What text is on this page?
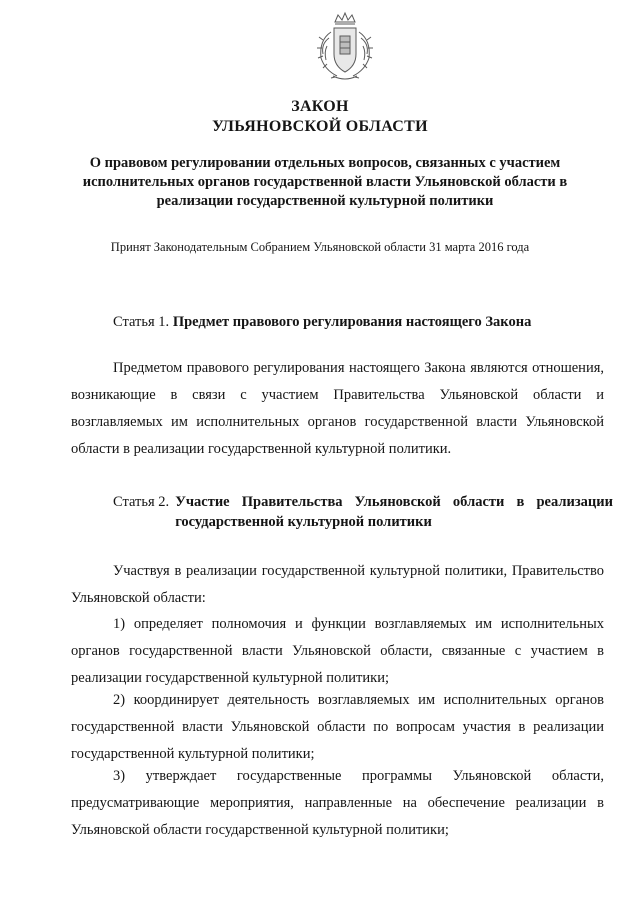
ЗАКОН
УЛЬЯНОВСКОЙ ОБЛАСТИ
О правовом регулировании отдельных вопросов, связанных с участием исполнительных органов государственной власти Ульяновской области в реализации государственной культурной политики
Принят Законодательным Собранием Ульяновской области 31 марта 2016 года
Статья 1. Предмет правового регулирования настоящего Закона

Предметом правового регулирования настоящего Закона являются отношения, возникающие в связи с участием Правительства Ульяновской области и возглавляемых им исполнительных органов государственной власти Ульяновской области в реализации государственной культурной политики.

Статья 2. Участие Правительства Ульяновской области в реализации государственной культурной политики

Участвуя в реализации государственной культурной политики, Правительство Ульяновской области:

1) определяет полномочия и функции возглавляемых им исполнительных органов государственной власти Ульяновской области, связанные с участием в реализации государственной культурной политики;

2) координирует деятельность возглавляемых им исполнительных органов государственной власти Ульяновской области по вопросам участия в реализации государственной культурной политики;

3) утверждает государственные программы Ульяновской области, предусматривающие мероприятия, направленные на обеспечение реализации в Ульяновской области государственной культурной политики;
